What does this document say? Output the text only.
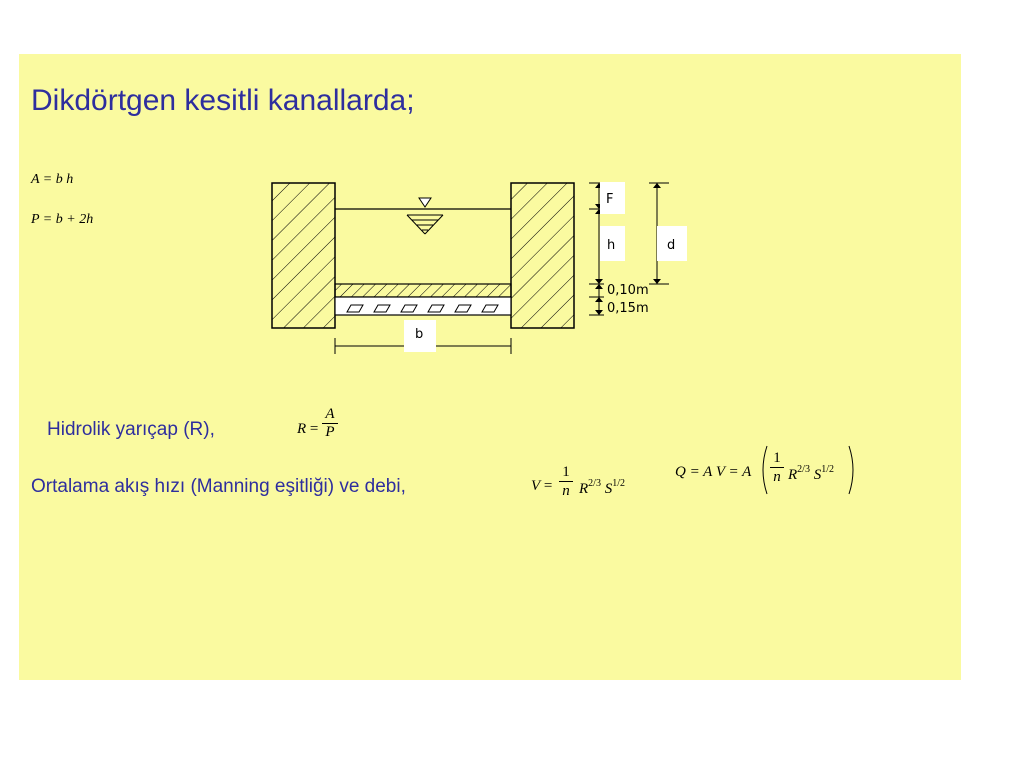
Dikdörtgen kesitli kanallarda;
A = b h
P = b + 2h
b
F
h
0,10m
0,15m
d
Hidrolik yarıçap (R),	$R = \frac{A}{P}$
Ortalama akış hızı (Manning eşitliği) ve debi,	$V = \frac{1}{n} R^{2/3}$ $S^{1/2}$
Q = A V = A $\frac{1}{n} R^{2/3}$ $S^{1/2}$
